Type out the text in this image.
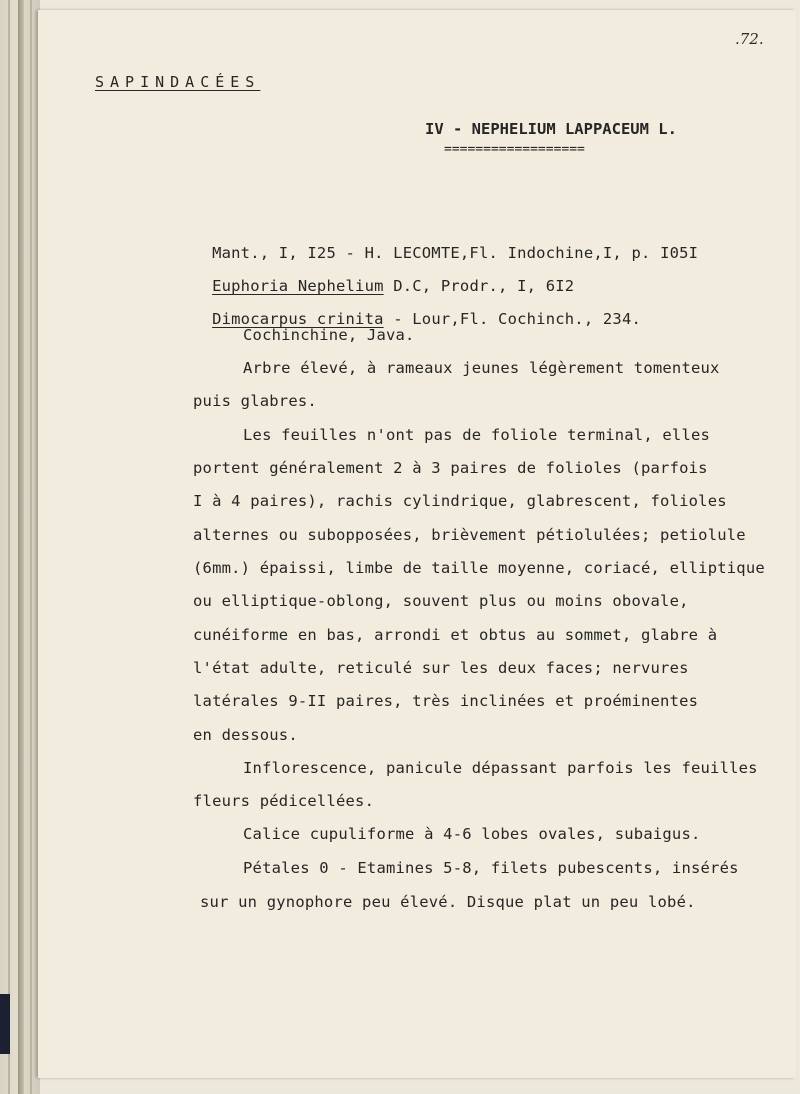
.72.
SAPINDACÉES
IV - NEPHELIUM LAPPACEUM L.
==================

Mant., I, I25 - H. LECOMTE,Fl. Indochine,I, p. I05I

Euphoria Nephelium D.C, Prodr., I, 6I2

Dimocarpus crinita - Lour,Fl. Cochinch., 234.

Cochinchine, Java.
Arbre élevé, à rameaux jeunes légèrement tomenteux
puis glabres.
Les feuilles n'ont pas de foliole terminal, elles
portent généralement 2 à 3 paires de folioles (parfois
I à 4 paires), rachis cylindrique, glabrescent, folioles
alternes ou subopposées, brièvement pétiolulées; petiolule
(6mm.) épaissi, limbe de taille moyenne, coriacé, elliptique
ou elliptique-oblong, souvent plus ou moins obovale,
cunéiforme en bas, arrondi et obtus au sommet, glabre à
l'état adulte, reticulé sur les deux faces; nervures
latérales 9-II paires, très inclinées et proéminentes
en dessous.
Inflorescence, panicule dépassant parfois les feuilles
fleurs pédicellées.
Calice cupuliforme à 4-6 lobes ovales, subaigus.
Pétales 0 - Etamines 5-8, filets pubescents, insérés
sur un gynophore peu élevé. Disque plat un peu lobé.
